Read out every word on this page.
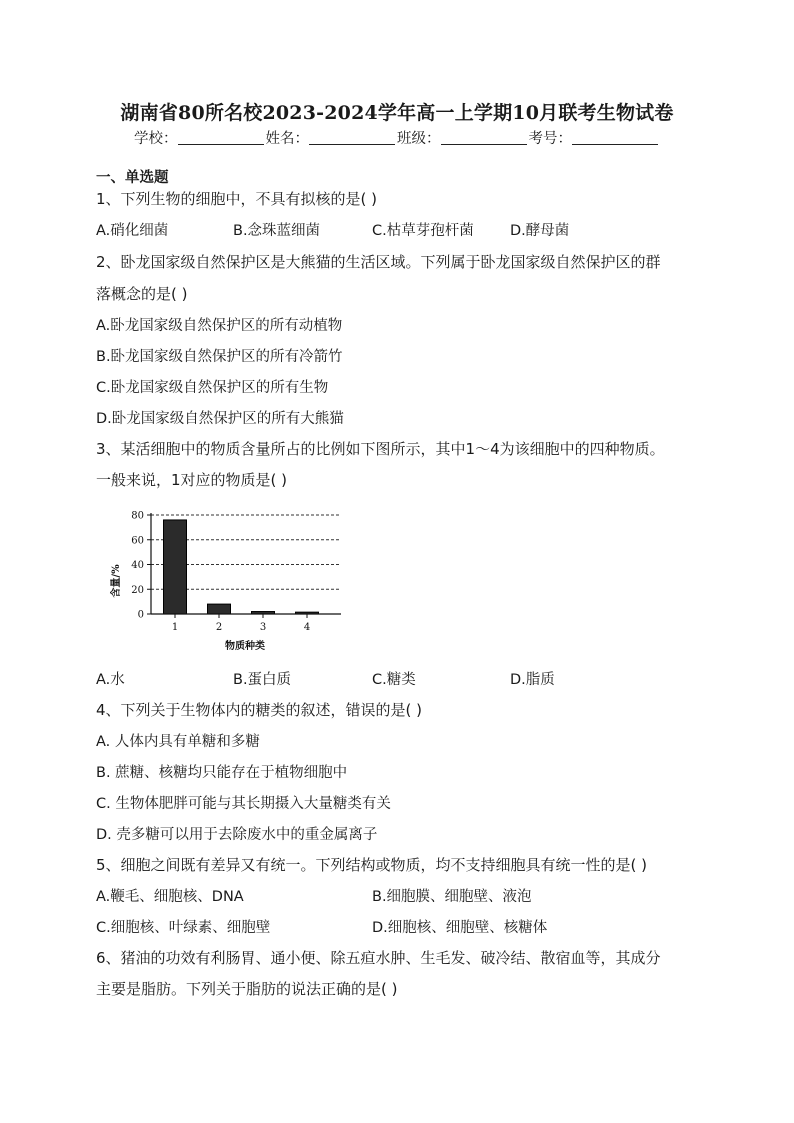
湖南省80所名校2023-2024学年高一上学期10月联考生物试卷
学校：	姓名：	班级：	考号：
一、单选题
1、下列生物的细胞中，不具有拟核的是( )
A.硝化细菌	B.念珠蓝细菌	C.枯草芽孢杆菌	D.酵母菌
2、卧龙国家级自然保护区是大熊猫的生活区域。下列属于卧龙国家级自然保护区的群
落概念的是( )
A.卧龙国家级自然保护区的所有动植物
B.卧龙国家级自然保护区的所有冷箭竹
C.卧龙国家级自然保护区的所有生物
D.卧龙国家级自然保护区的所有大熊猫
3、某活细胞中的物质含量所占的比例如下图所示，其中1～4为该细胞中的四种物质。
一般来说，1对应的物质是( )
0
20
40
60
80
1	2	3	4
含量/%
物质种类
A.水	B.蛋白质	C.糖类	D.脂质
4、下列关于生物体内的糖类的叙述，错误的是( )
A. 人体内具有单糖和多糖
B. 蔗糖、核糖均只能存在于植物细胞中
C. 生物体肥胖可能与其长期摄入大量糖类有关
D. 壳多糖可以用于去除废水中的重金属离子
5、细胞之间既有差异又有统一。下列结构或物质，均不支持细胞具有统一性的是( )
A.鞭毛、细胞核、DNA	B.细胞膜、细胞壁、液泡
C.细胞核、叶绿素、细胞壁	D.细胞核、细胞壁、核糖体
6、猪油的功效有利肠胃、通小便、除五疸水肿、生毛发、破冷结、散宿血等，其成分
主要是脂肪。下列关于脂肪的说法正确的是( )
